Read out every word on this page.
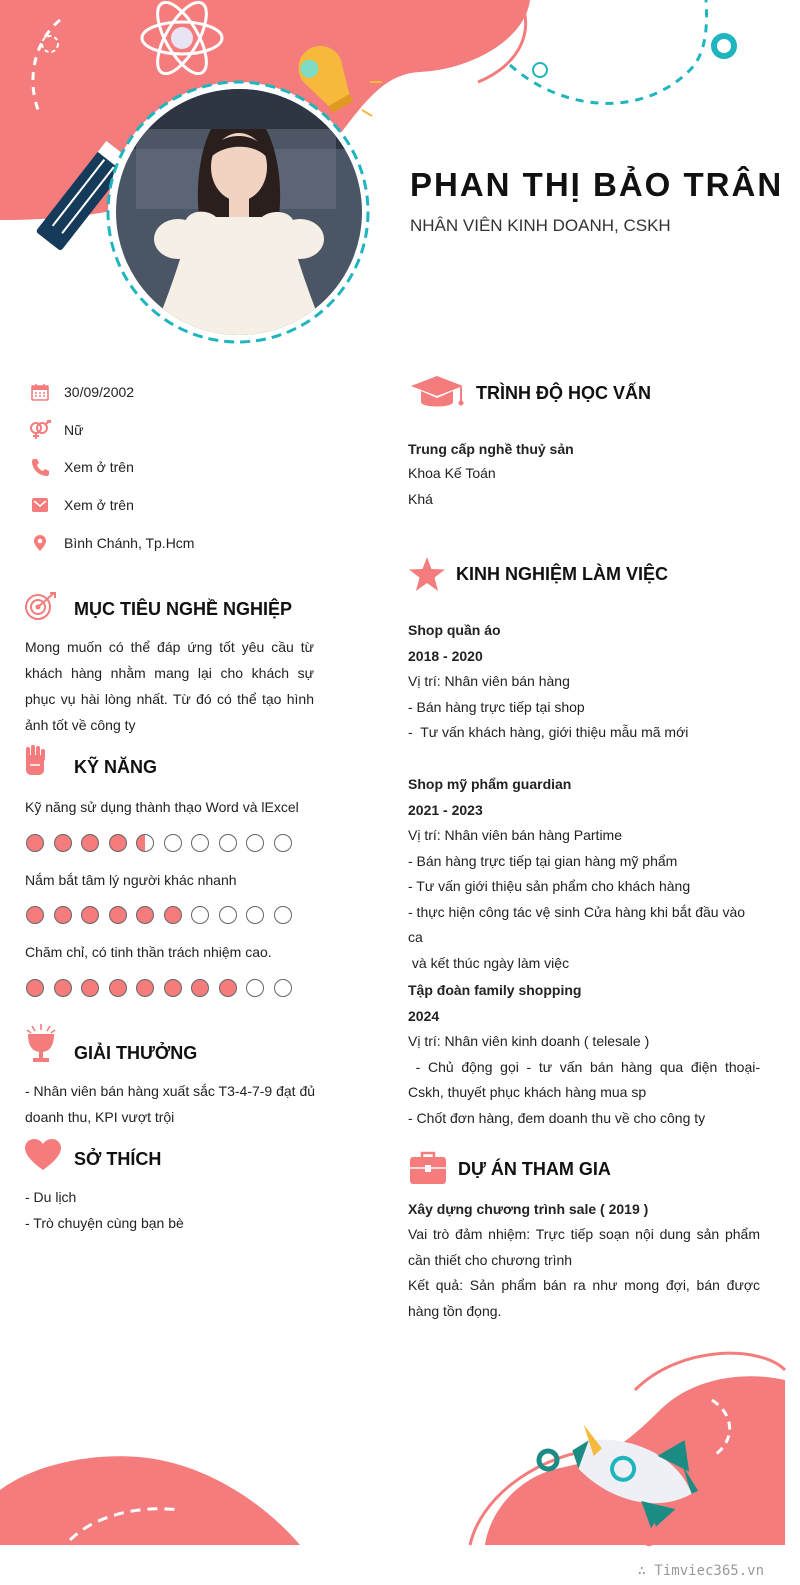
PHAN THỊ BẢO TRÂN
NHÂN VIÊN KINH DOANH, CSKH
30/09/2002
Nữ
Xem ở trên
Xem ở trên
Bình Chánh, Tp.Hcm
MỤC TIÊU NGHỀ NGHIỆP
Mong muốn có thể đáp ứng tốt yêu cầu từ khách hàng nhằm mang lại cho khách sự phục vụ hài lòng nhất. Từ đó có thể tạo hình ảnh tốt về công ty
KỸ NĂNG
Kỹ năng sử dụng thành thạo Word và lExcel
Nắm bắt tâm lý người khác nhanh
Chăm chỉ, có tinh thần trách nhiệm cao.
GIẢI THƯỞNG
- Nhân viên bán hàng xuất sắc T3-4-7-9 đạt đủ doanh thu, KPI vượt trội
SỞ THÍCH
- Du lịch
- Trò chuyện cùng bạn bè
TRÌNH ĐỘ HỌC VẤN
Trung cấp nghề thuỷ sản
Khoa Kế Toán
Khá
KINH NGHIỆM LÀM VIỆC
Shop quần áo
2018 - 2020
Vị trí: Nhân viên bán hàng
- Bán hàng trực tiếp tại shop
-  Tư vấn khách hàng, giới thiệu mẫu mã mới
Shop mỹ phẩm guardian
2021 - 2023
Vị trí: Nhân viên bán hàng Partime
- Bán hàng trực tiếp tại gian hàng mỹ phẩm
- Tư vấn giới thiệu sản phẩm cho khách hàng
- thực hiện công tác vệ sinh Cửa hàng khi bắt đầu vào ca
và kết thúc ngày làm việc
Tập đoàn family shopping
2024
Vị trí: Nhân viên kinh doanh ( telesale )
- Chủ động gọi - tư vấn bán hàng qua điện thoại-      Cskh, thuyết phục khách hàng mua sp
- Chốt đơn hàng, đem doanh thu về cho công ty
DỰ ÁN THAM GIA
Xây dựng chương trình sale ( 2019 )
Vai trò đảm nhiệm: Trực tiếp soạn nội dung sản phẩm cần thiết cho chương trình
Kết quả: Sản phẩm bán ra như mong đợi, bán được hàng tồn đọng.
∴ Timviec365.vn
